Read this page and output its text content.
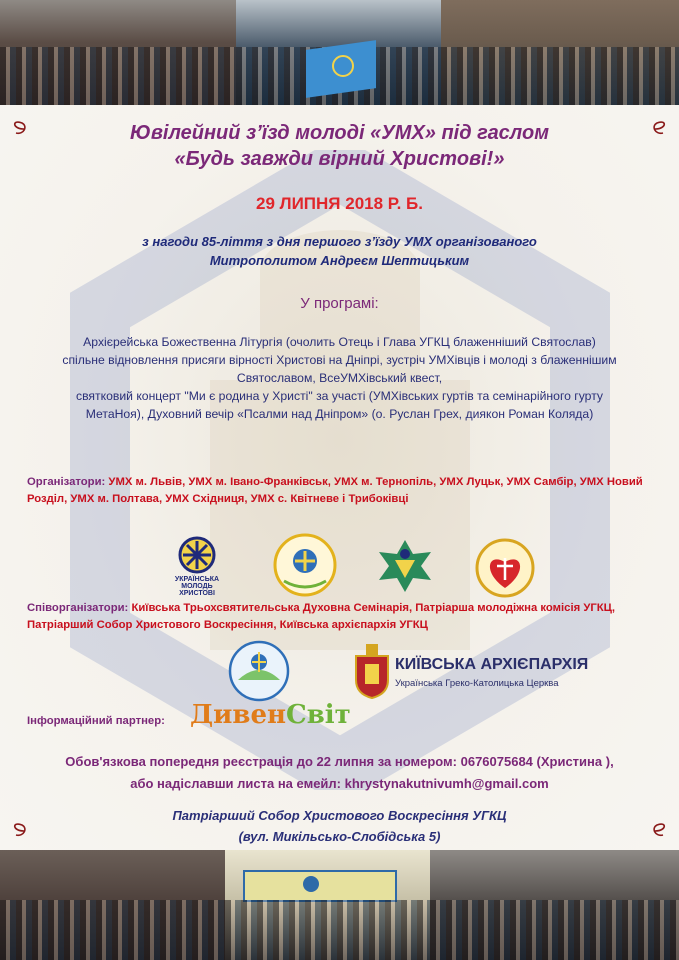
Ювілейний з’їзд молоді «УМХ» під гаслом

«Будь завжди вірний Христові!»

29 ЛИПНЯ 2018 Р. Б.

з нагоди 85-ліття з дня першого з’їзду УМХ організованого

Митрополитом Андреєм Шептицьким

У програмі:

Архієрейська Божественна Літургія (очолить Отець і Глава УГКЦ блаженніший Святослав)
спільне відновлення присяги вірності Христові на Дніпрі, зустріч УМХівців і молоді з блаженнішим
Святославом, ВсеУМХівський квест,
святковий концерт "Ми є родина у Христі" за участі (УМХівських гуртів та семінарійного гурту
МетаНоя), Духовний вечір «Псалми над Дніпром» (о. Руслан Грех, диякон Роман Коляда)

Організатори: УМХ м. Львів, УМХ м. Івано-Франківськ, УМХ м. Тернопіль, УМХ Луцьк, УМХ Самбір, УМХ Новий Розділ, УМХ м. Полтава, УМХ Східниця, УМХ с. Квітневе і Трибоківці

УКРАЇНСЬКА МОЛОДЬ ХРИСТОВІ

Співорганізатори: Київська Трьохсвятительська Духовна Семінарія, Патріарша молодіжна комісія УГКЦ, Патріарший Собор Христового Воскресіння, Київська архієпархія УГКЦ

КИЇВСЬКА АРХІЄПАРХІЯ
Українська Греко-Католицька Церква

Інформаційний партнер: ДивенСвіт

Обов'язкова попередня реєстрація до 22 липня за номером: 0676075684 (Христина ),

або надіславши листа на емейл: khrystynakutnivumh@gmail.com

Патріарший Собор Христового Воскресіння УГКЦ

(вул. Микільсько-Слобідська 5)
